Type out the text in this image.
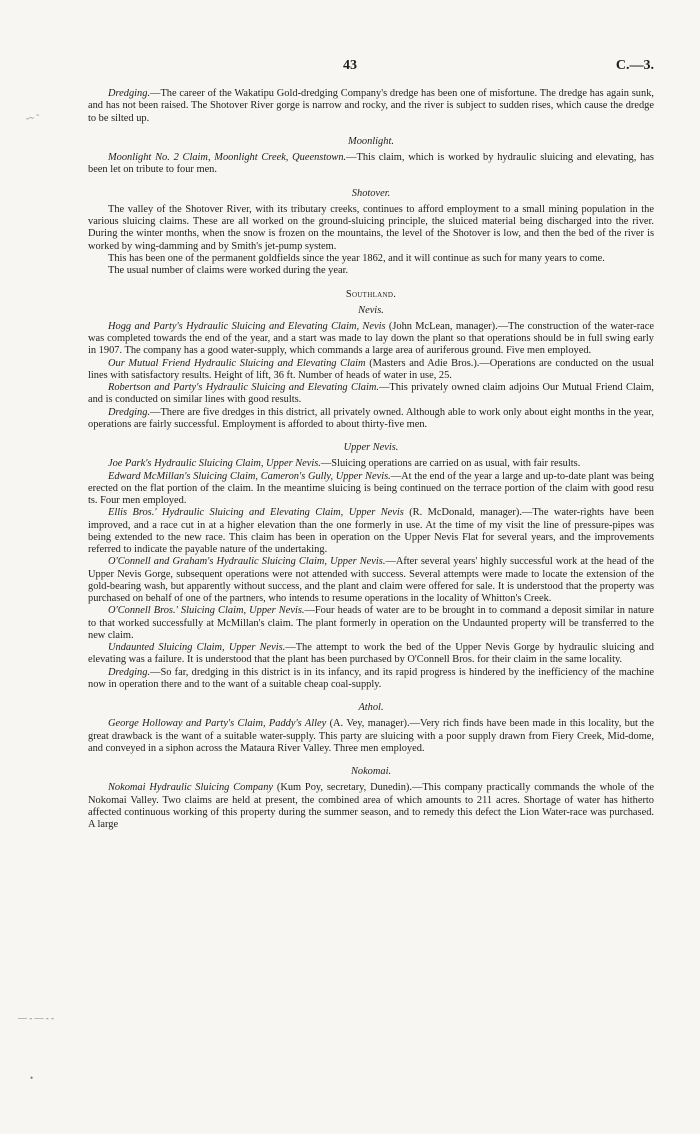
-~ ˜
— - — - -
•
43	C.—3.

Dredging.—The career of the Wakatipu Gold-dredging Company's dredge has been one of misfortune. The dredge has again sunk, and has not been raised. The Shotover River gorge is narrow and rocky, and the river is subject to sudden rises, which cause the dredge to be silted up.

Moonlight.

Moonlight No. 2 Claim, Moonlight Creek, Queenstown.—This claim, which is worked by hydraulic sluicing and elevating, has been let on tribute to four men.

Shotover.

The valley of the Shotover River, with its tributary creeks, continues to afford employment to a small mining population in the various sluicing claims. These are all worked on the ground-sluicing principle, the sluiced material being discharged into the river. During the winter months, when the snow is frozen on the mountains, the level of the Shotover is low, and then the bed of the river is worked by wing-damming and by Smith's jet-pump system.

This has been one of the permanent goldfields since the year 1862, and it will continue as such for many years to come.

The usual number of claims were worked during the year.

Southland.
Nevis.

Hogg and Party's Hydraulic Sluicing and Elevating Claim, Nevis (John McLean, manager).—The construction of the water-race was completed towards the end of the year, and a start was made to lay down the plant so that operations should be in full swing early in 1907. The company has a good water-supply, which commands a large area of auriferous ground. Five men employed.

Our Mutual Friend Hydraulic Sluicing and Elevating Claim (Masters and Adie Bros.).—Operations are conducted on the usual lines with satisfactory results. Height of lift, 36 ft. Number of heads of water in use, 25.

Robertson and Party's Hydraulic Sluicing and Elevating Claim.—This privately owned claim adjoins Our Mutual Friend Claim, and is conducted on similar lines with good results.

Dredging.—There are five dredges in this district, all privately owned. Although able to work only about eight months in the year, operations are fairly successful. Employment is afforded to about thirty-five men.

Upper Nevis.

Joe Park's Hydraulic Sluicing Claim, Upper Nevis.—Sluicing operations are carried on as usual, with fair results.

Edward McMillan's Sluicing Claim, Cameron's Gully, Upper Nevis.—At the end of the year a large and up-to-date plant was being erected on the flat portion of the claim. In the meantime sluicing is being continued on the terrace portion of the claim with good resu ts. Four men employed.

Ellis Bros.' Hydraulic Sluicing and Elevating Claim, Upper Nevis (R. McDonald, manager).—The water-rights have been improved, and a race cut in at a higher elevation than the one formerly in use. At the time of my visit the line of pressure-pipes was being extended to the new race. This claim has been in operation on the Upper Nevis Flat for several years, and the improvements referred to indicate the payable nature of the undertaking.

O'Connell and Graham's Hydraulic Sluicing Claim, Upper Nevis.—After several years' highly successful work at the head of the Upper Nevis Gorge, subsequent operations were not attended with success. Several attempts were made to locate the extension of the gold-bearing wash, but apparently without success, and the plant and claim were offered for sale. It is understood that the property was purchased on behalf of one of the partners, who intends to resume operations in the locality of Whitton's Creek.

O'Connell Bros.' Sluicing Claim, Upper Nevis.—Four heads of water are to be brought in to command a deposit similar in nature to that worked successfully at McMillan's claim. The plant formerly in operation on the Undaunted property will be transferred to the new claim.

Undaunted Sluicing Claim, Upper Nevis.—The attempt to work the bed of the Upper Nevis Gorge by hydraulic sluicing and elevating was a failure. It is understood that the plant has been purchased by O'Connell Bros. for their claim in the same locality.

Dredging.—So far, dredging in this district is in its infancy, and its rapid progress is hindered by the inefficiency of the machine now in operation there and to the want of a suitable cheap coal-supply.

Athol.

George Holloway and Party's Claim, Paddy's Alley (A. Vey, manager).—Very rich finds have been made in this locality, but the great drawback is the want of a suitable water-supply. This party are sluicing with a poor supply drawn from Fiery Creek, Mid-dome, and conveyed in a siphon across the Mataura River Valley. Three men employed.

Nokomai.

Nokomai Hydraulic Sluicing Company (Kum Poy, secretary, Dunedin).—This company practically commands the whole of the Nokomai Valley. Two claims are held at present, the combined area of which amounts to 211 acres. Shortage of water has hitherto affected continuous working of this property during the summer season, and to remedy this defect the Lion Water-race was purchased. A large
